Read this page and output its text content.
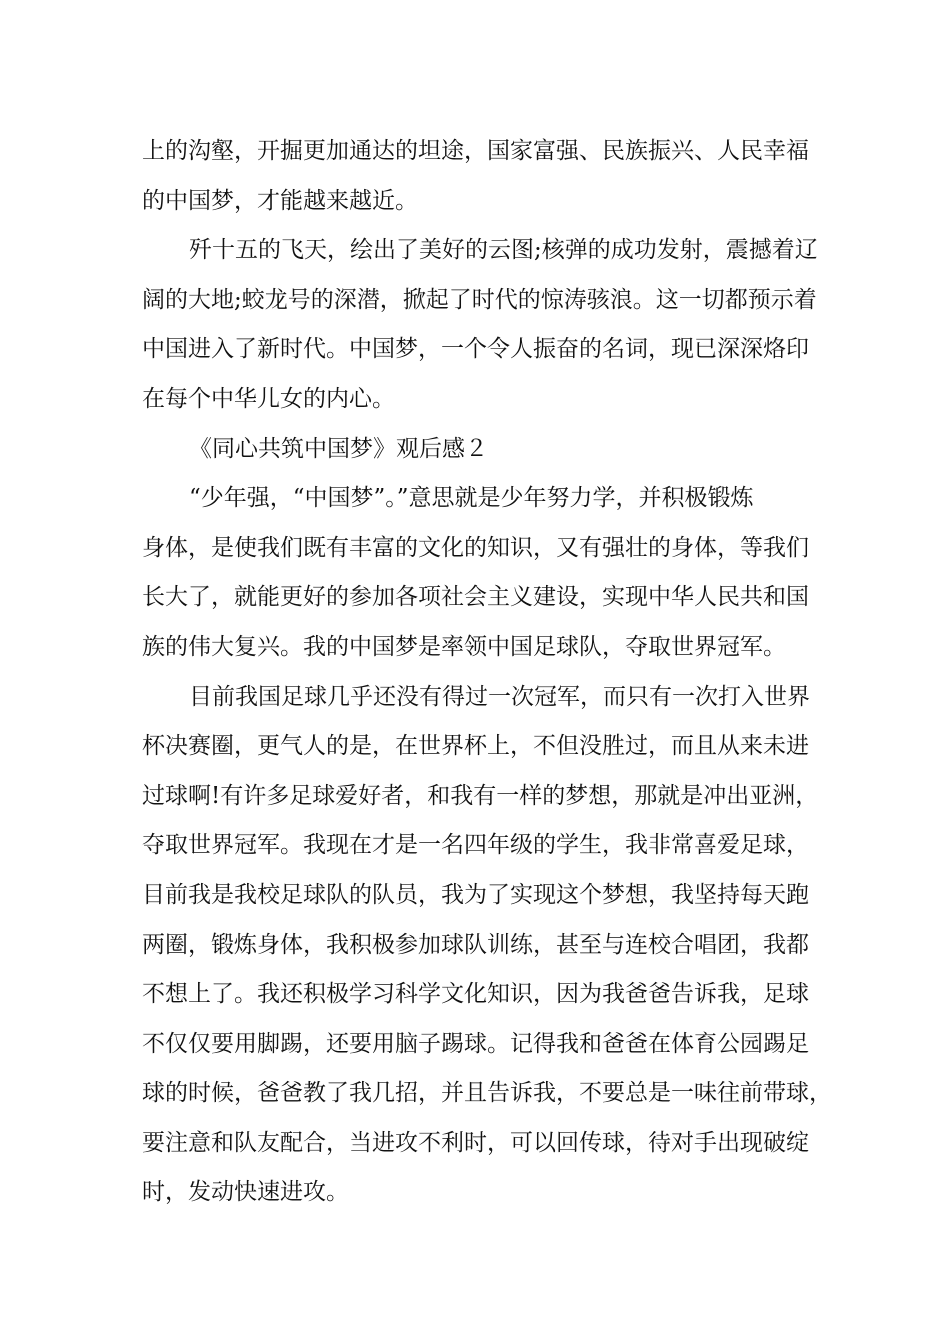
上的沟壑，开掘更加通达的坦途，国家富强、民族振兴、人民幸福

的中国梦，才能越来越近。

歼十五的飞天，绘出了美好的云图;核弹的成功发射，震撼着辽

阔的大地;蛟龙号的深潜，掀起了时代的惊涛骇浪。这一切都预示着

中国进入了新时代。中国梦，一个令人振奋的名词，现已深深烙印

在每个中华儿女的内心。

《同心共筑中国梦》观后感２

“少年强，“中国梦”。”意思就是少年努力学，并积极锻炼

身体，是使我们既有丰富的文化的知识，又有强壮的身体，等我们

长大了，就能更好的参加各项社会主义建设，实现中华人民共和国

族的伟大复兴。我的中国梦是率领中国足球队，夺取世界冠军。

目前我国足球几乎还没有得过一次冠军，而只有一次打入世界

杯决赛圈，更气人的是，在世界杯上，不但没胜过，而且从来未进

过球啊!有许多足球爱好者，和我有一样的梦想，那就是冲出亚洲，

夺取世界冠军。我现在才是一名四年级的学生，我非常喜爱足球，

目前我是我校足球队的队员，我为了实现这个梦想，我坚持每天跑

两圈，锻炼身体，我积极参加球队训练，甚至与连校合唱团，我都

不想上了。我还积极学习科学文化知识，因为我爸爸告诉我，足球

不仅仅要用脚踢，还要用脑子踢球。记得我和爸爸在体育公园踢足

球的时候，爸爸教了我几招，并且告诉我，不要总是一味往前带球，

要注意和队友配合，当进攻不利时，可以回传球，待对手出现破绽

时，发动快速进攻。
